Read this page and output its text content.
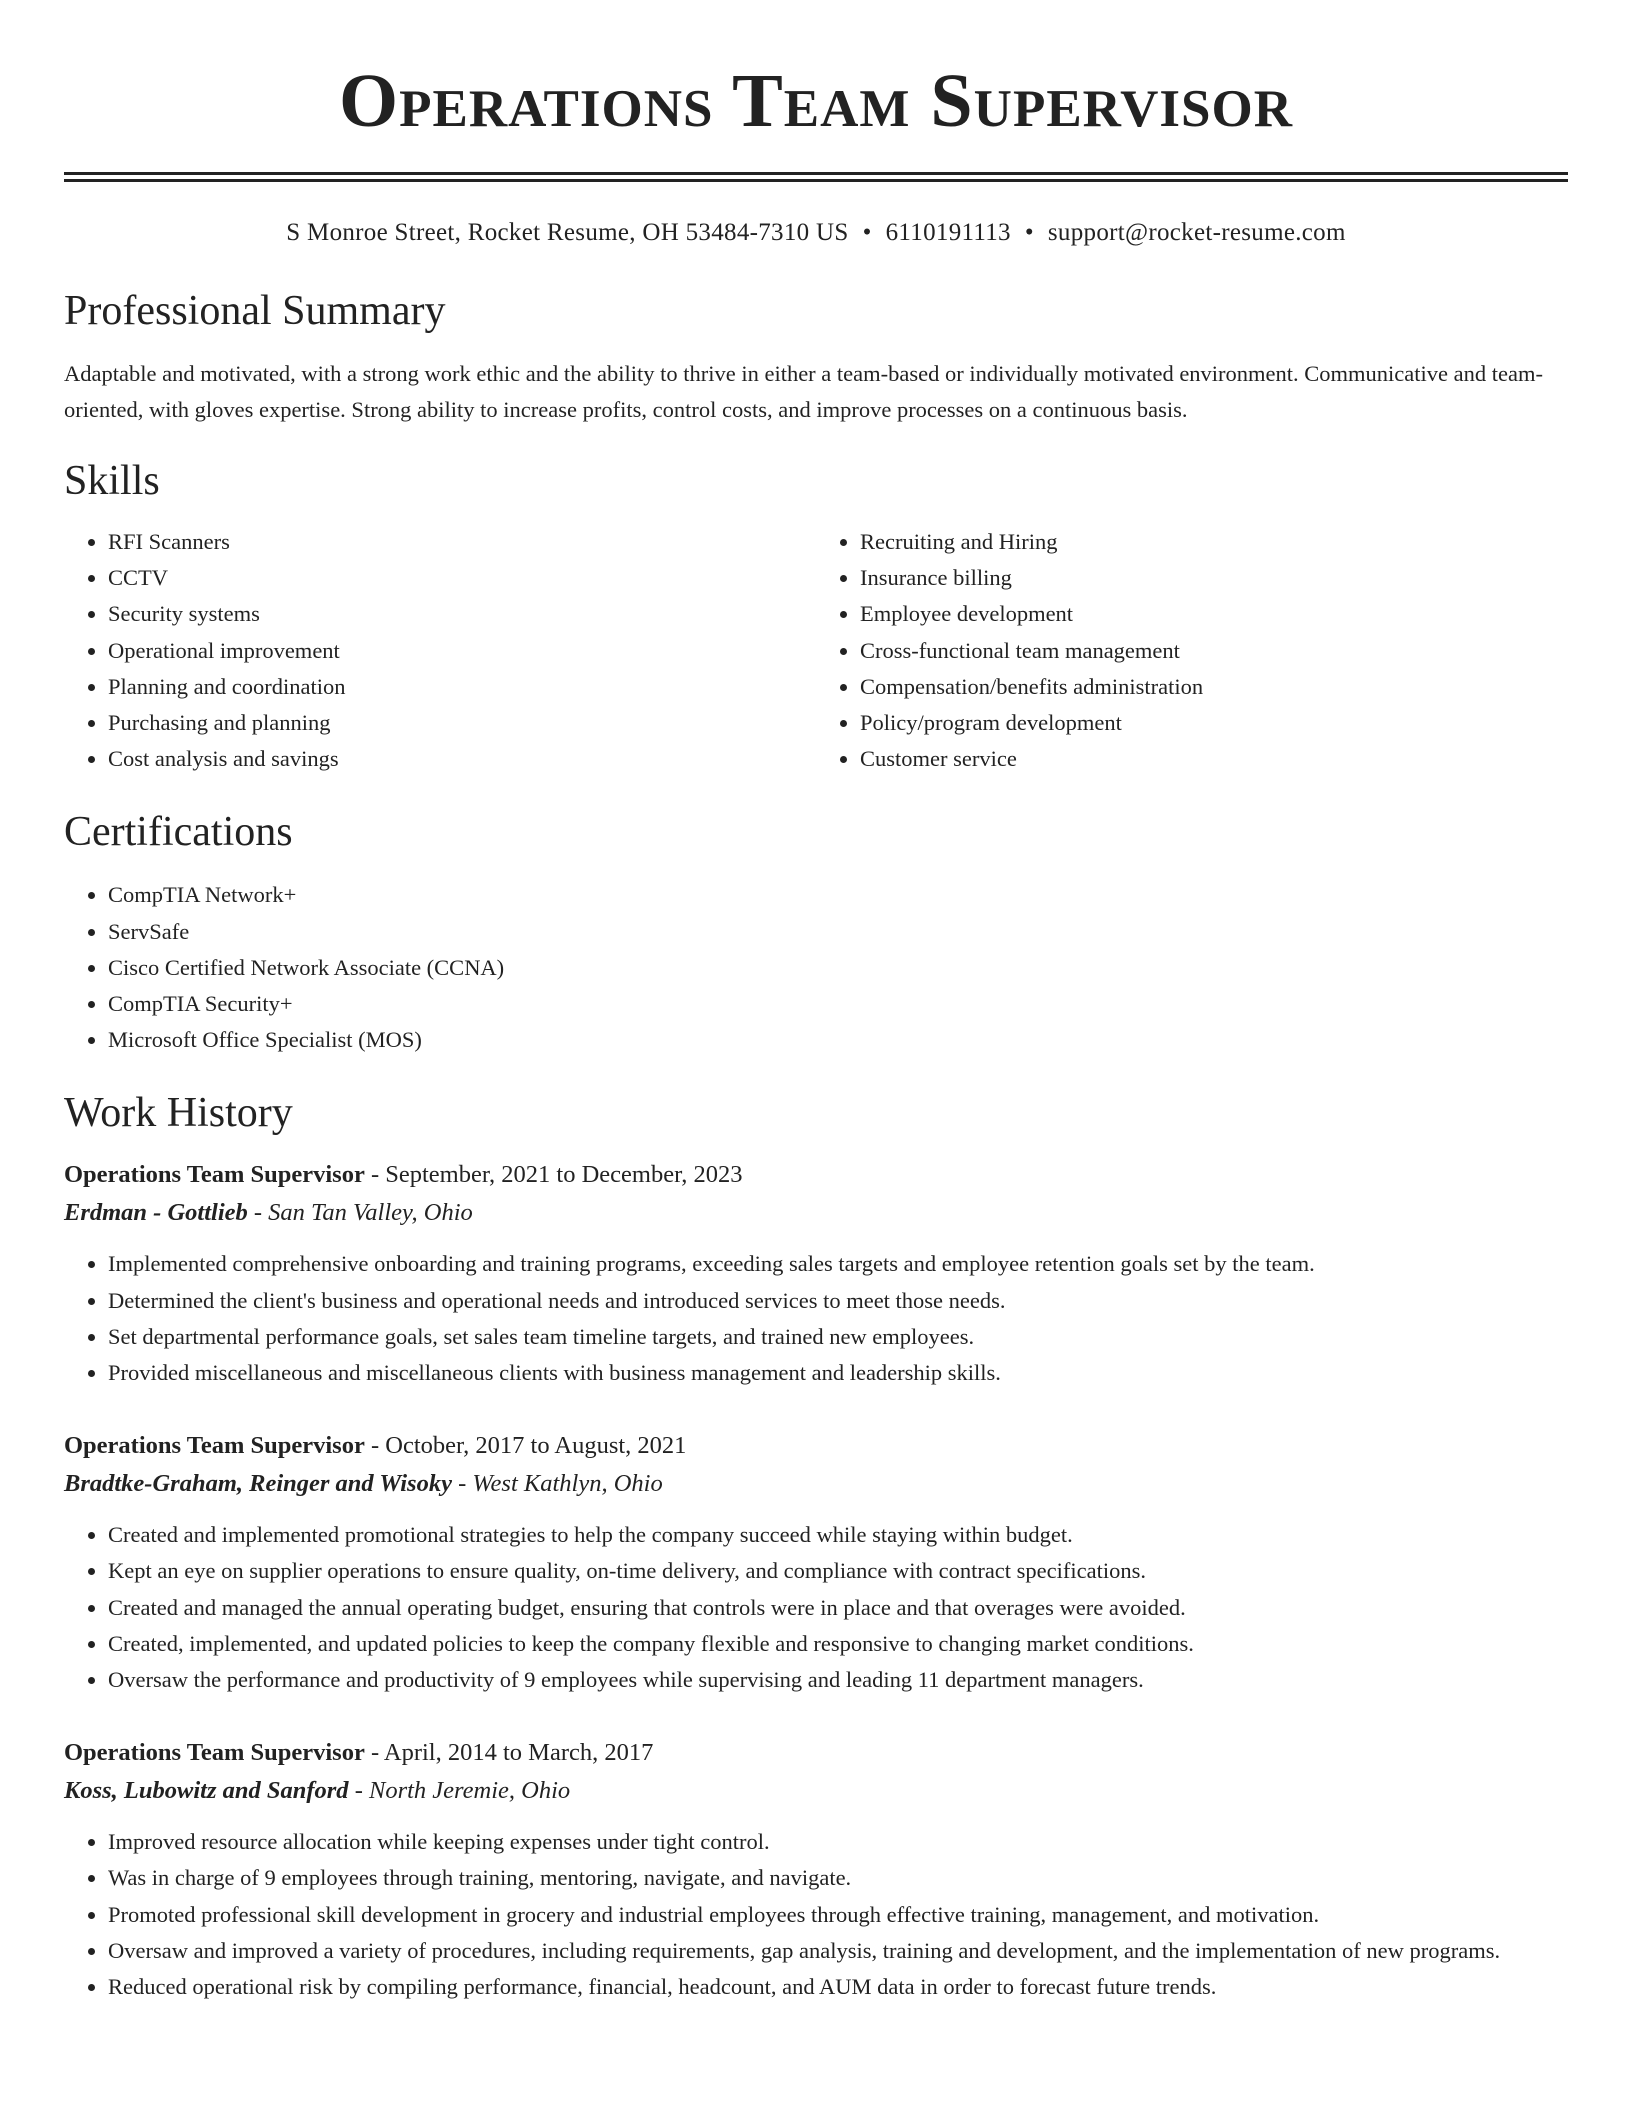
Operations Team Supervisor
S Monroe Street, Rocket Resume, OH 53484-7310 US • 6110191113 • support@rocket-resume.com
Professional Summary

Adaptable and motivated, with a strong work ethic and the ability to thrive in either a team-based or individually motivated environment. Communicative and team-oriented, with gloves expertise. Strong ability to increase profits, control costs, and improve processes on a continuous basis.

Skills
• RFI Scanners
• CCTV
• Security systems
• Operational improvement
• Planning and coordination
• Purchasing and planning
• Cost analysis and savings
• Recruiting and Hiring
• Insurance billing
• Employee development
• Cross-functional team management
• Compensation/benefits administration
• Policy/program development
• Customer service
Certifications
• CompTIA Network+
• ServSafe
• Cisco Certified Network Associate (CCNA)
• CompTIA Security+
• Microsoft Office Specialist (MOS)
Work History
Operations Team Supervisor - September, 2021 to December, 2023
Erdman - Gottlieb - San Tan Valley, Ohio
• Implemented comprehensive onboarding and training programs, exceeding sales targets and employee retention goals set by the team.
• Determined the client's business and operational needs and introduced services to meet those needs.
• Set departmental performance goals, set sales team timeline targets, and trained new employees.
• Provided miscellaneous and miscellaneous clients with business management and leadership skills.
Operations Team Supervisor - October, 2017 to August, 2021
Bradtke-Graham, Reinger and Wisoky - West Kathlyn, Ohio
• Created and implemented promotional strategies to help the company succeed while staying within budget.
• Kept an eye on supplier operations to ensure quality, on-time delivery, and compliance with contract specifications.
• Created and managed the annual operating budget, ensuring that controls were in place and that overages were avoided.
• Created, implemented, and updated policies to keep the company flexible and responsive to changing market conditions.
• Oversaw the performance and productivity of 9 employees while supervising and leading 11 department managers.
Operations Team Supervisor - April, 2014 to March, 2017
Koss, Lubowitz and Sanford - North Jeremie, Ohio
• Improved resource allocation while keeping expenses under tight control.
• Was in charge of 9 employees through training, mentoring, navigate, and navigate.
• Promoted professional skill development in grocery and industrial employees through effective training, management, and motivation.
• Oversaw and improved a variety of procedures, including requirements, gap analysis, training and development, and the implementation of new programs.
• Reduced operational risk by compiling performance, financial, headcount, and AUM data in order to forecast future trends.
